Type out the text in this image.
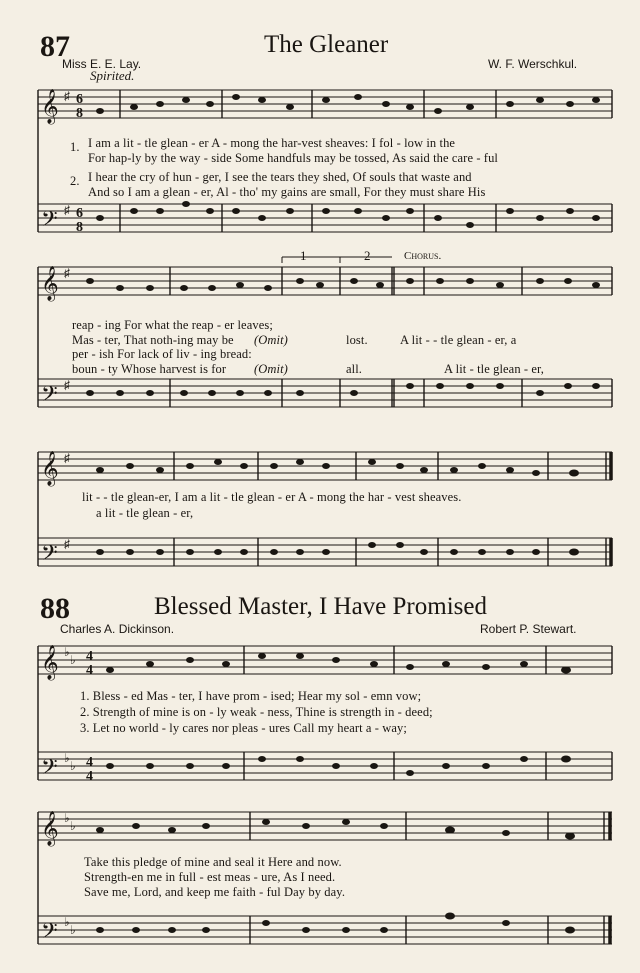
87	The Gleaner
Miss E. E. Lay.	W. F. Werschkul.
Spirited.
𝄞
𝄢
♯
♯
6
8
6
8
1.
2.
I am a lit - tle glean - er A - mong the har-vest sheaves: I fol - low in the
For hap-ly by the way - side Some handfuls may be tossed, As said the care - ful
I hear the cry of hun - ger, I see the tears they shed, Of souls that waste and
And so I am a glean - er, Al - tho' my gains are small, For they must share His
1	2	Chorus.
𝄞
𝄢
♯
♯
reap - ing For what the reap - er leaves;
Mas - ter, That noth-ing may be (Omit)
per - ish For lack of liv - ing bread:
boun - ty Whose harvest is for (Omit)
lost.
all.
A lit - - tle glean - er, a
A lit - tle glean - er,
𝄞
𝄢
♯
♯
lit - - tle glean-er, I am a lit - tle glean - er A - mong the har - vest sheaves.
a lit - tle glean - er,
88	Blessed Master, I Have Promised
Charles A. Dickinson.	Robert P. Stewart.
𝄞
𝄢
♭
♭
♭
♭
4
4
4
4
1. Bless - ed Mas - ter, I have prom - ised; Hear my sol - emn vow;
2. Strength of mine is on - ly weak - ness, Thine is strength in - deed;
3. Let no world - ly cares nor pleas - ures Call my heart a - way;
𝄞
𝄢
♭
♭
♭
♭
Take this pledge of mine and seal it Here and now.
Strength-en me in full - est meas - ure, As I need.
Save me, Lord, and keep me faith - ful Day by day.
